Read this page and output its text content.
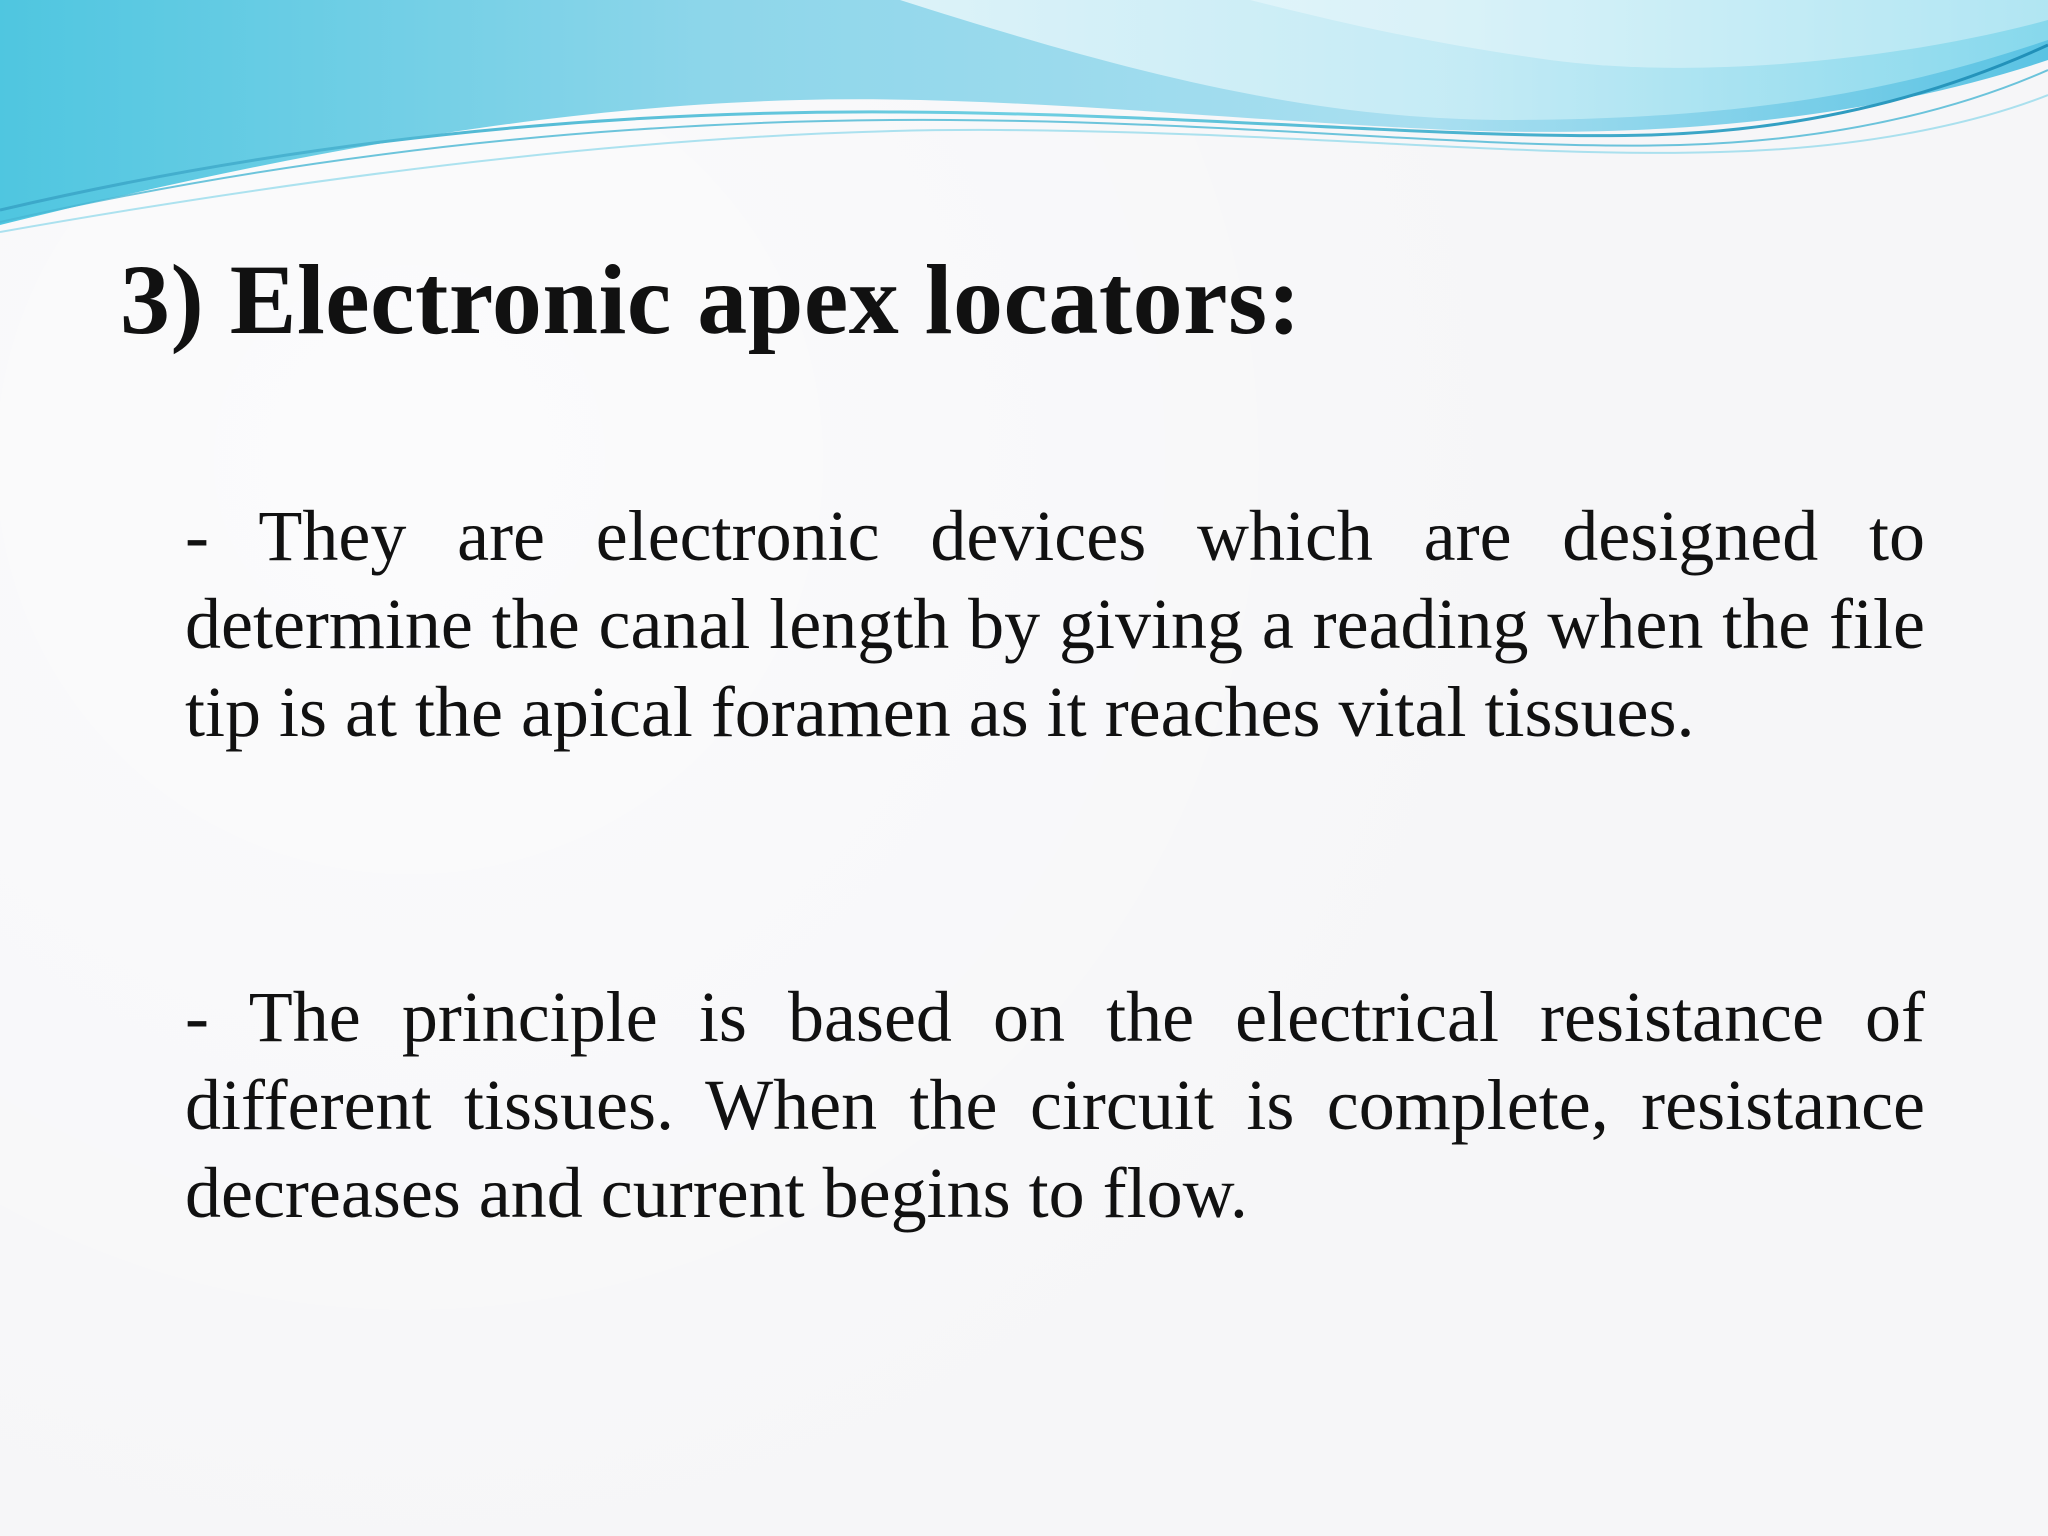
3) Electronic apex locators:

- They are electronic devices which are designed to determine the canal length by giving a reading when the file tip is at the apical foramen as it reaches vital tissues.

- The principle is based on the electrical resistance of different tissues. When the circuit is complete, resistance decreases and current begins to flow.
